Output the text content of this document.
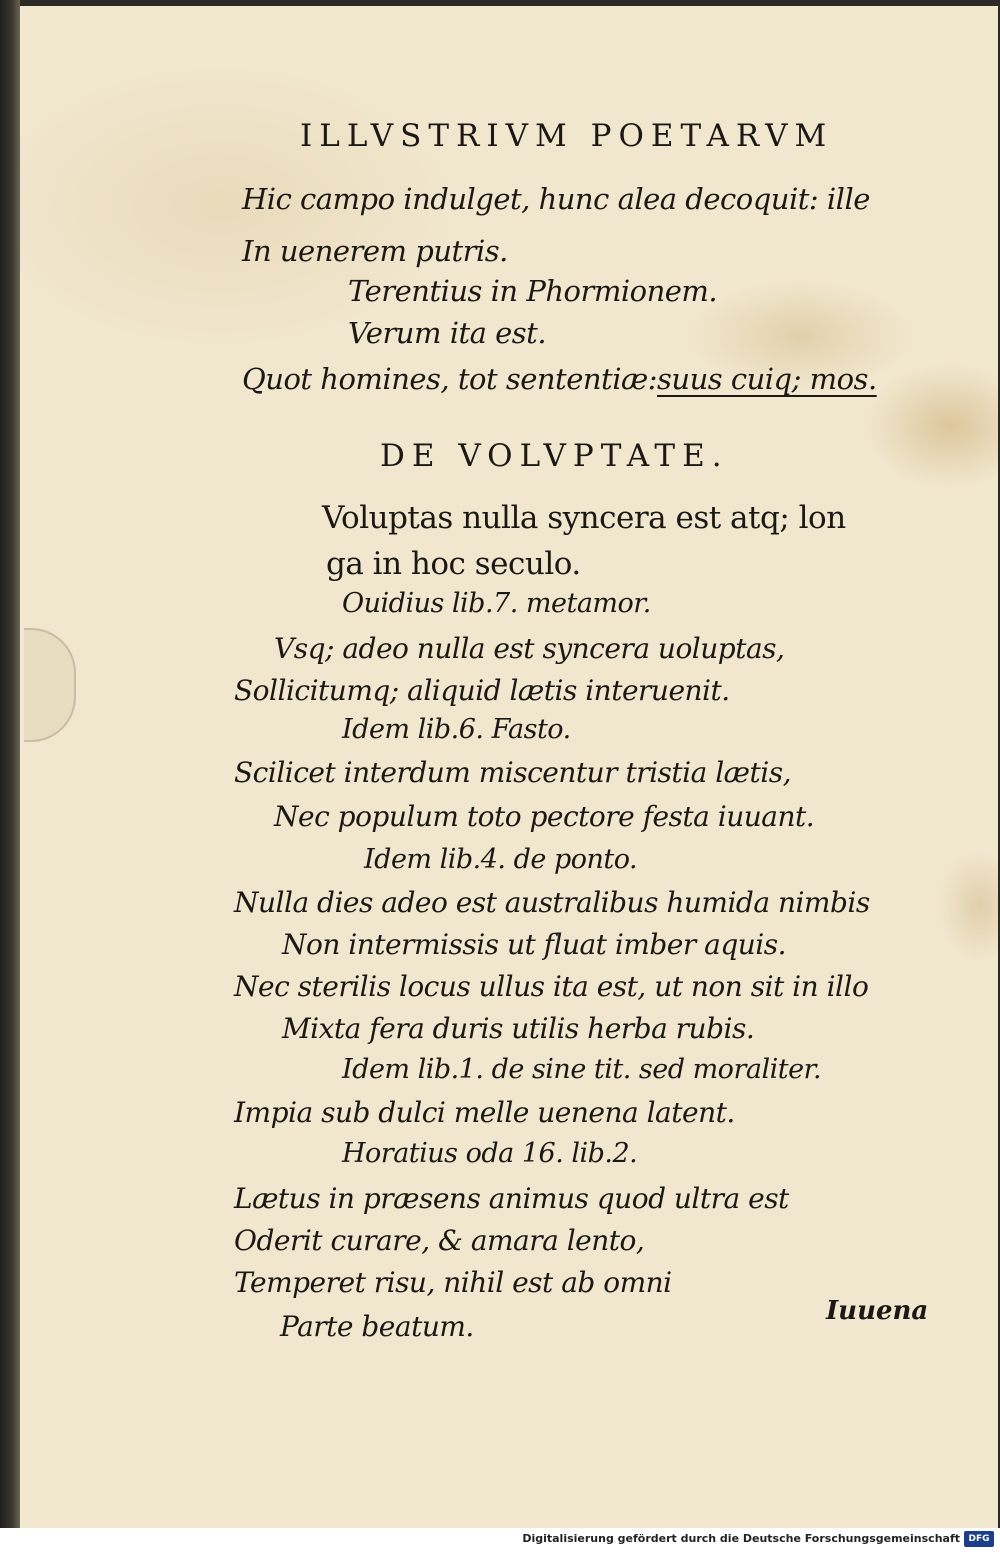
ILLVSTRIVM POETARVM
Hic campo indulget, hunc alea decoquit: ille
In uenerem putris.
Terentius in Phormionem.
Verum ita est.
Quot homines, tot sententiæ:suus cuiq; mos.
DE VOLVPTATE.
Voluptas nulla syncera est atq; lon
ga in hoc seculo.
Ouidius lib.7. metamor.
Vsq; adeo nulla est syncera uoluptas,
Sollicitumq; aliquid lætis interuenit.
Idem lib.6. Fasto.
Scilicet interdum miscentur tristia lætis,
Nec populum toto pectore festa iuuant.
Idem lib.4. de ponto.
Nulla dies adeo est australibus humida nimbis
Non intermissis ut fluat imber aquis.
Nec sterilis locus ullus ita est, ut non sit in illo
Mixta fera duris utilis herba rubis.
Idem lib.1. de sine tit. sed moraliter.
Impia sub dulci melle uenena latent.
Horatius oda 16. lib.2.
Lætus in præsens animus quod ultra est
Oderit curare, & amara lento,
Temperet risu, nihil est ab omni
Parte beatum.	Iuuena
Digitalisierung gefördert durch die Deutsche Forschungsgemeinschaft DFG
